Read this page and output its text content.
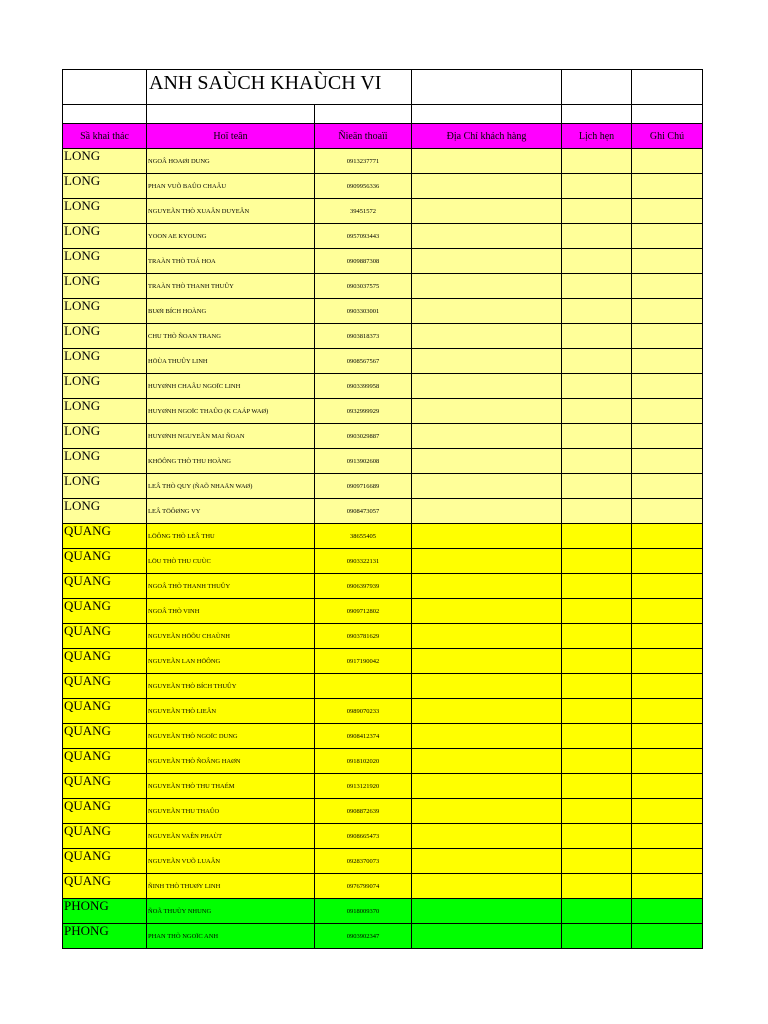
	ANH SAÙCH KHAÙCH VI				

Sầ khai thác	Hoï teân	Ñieän thoaïi	Địa Chỉ khách hàng	Lịch hẹn	Ghi Chú
LONG	NGOÂ HOAØI DUNG	0913237771			
LONG	PHAN VUÕ BAÛO CHAÂU	0909956336			
LONG	NGUYEÃN THÒ XUAÂN DUYEÂN	39451572			
LONG	YOON AE KYOUNG	0957093443			
LONG	TRAÀN THÒ TOÁ HOA	0909887308			
LONG	TRAÀN THÒ THANH THUÛY	0903037575			
LONG	BUØI BÍCH HOÀNG	0903303001			
LONG	CHU THÒ ÑOAN TRANG	0903818373			
LONG	HÖÙA THUÛY LINH	0908567567			
LONG	HUYØNH CHAÂU NGOÏC LINH	0903399958			
LONG	HUYØNH NGOÏC THAÛO (K CAÁP WAØ)	0932999929			
LONG	HUYØNH NGUYEÃN MAI ÑOAN	0903029887			
LONG	KHÖÔNG THÒ THU HOÀNG	0913902608			
LONG	LEÂ THÒ QUY (ÑAÕ NHAÄN WAØ)	0909716689			
LONG	LEÂ TÖÔØNG VY	0908473057			
QUANG	LÖÔNG THÒ LEÂ THU	38655405			
QUANG	LÖU THÒ THU CUÙC	0903322131			
QUANG	NGOÂ THÒ THANH THUÛY	0906397939			
QUANG	NGOÂ THÒ VINH	0909712802			
QUANG	NGUYEÃN HÖÕU CHAÙNH	0903781629			
QUANG	NGUYEÃN LAN HÖÔNG	0917190042			
QUANG	NGUYEÃN THÒ BÍCH THUÛY				
QUANG	NGUYEÃN THÒ LIEÂN	0989070233			
QUANG	NGUYEÃN THÒ NGOÏC DUNG	0908412374			
QUANG	NGUYEÃN THÒ ÑOÂNG HAØN	0918102020			
QUANG	NGUYEÃN THÒ THU THAÉM	0913121920			
QUANG	NGUYEÃN THU THAÛO	0908872639			
QUANG	NGUYEÃN VAÊN PHAÙT	0908665473			
QUANG	NGUYEÃN VUÕ LUAÂN	0928370073			
QUANG	ÑINH THÒ THUØY LINH	0976799074			
PHONG	ÑOÃ THUÙY NHUNG	0918009370			
PHONG	PHAN THÒ NGOÏC ANH	0903902347			
